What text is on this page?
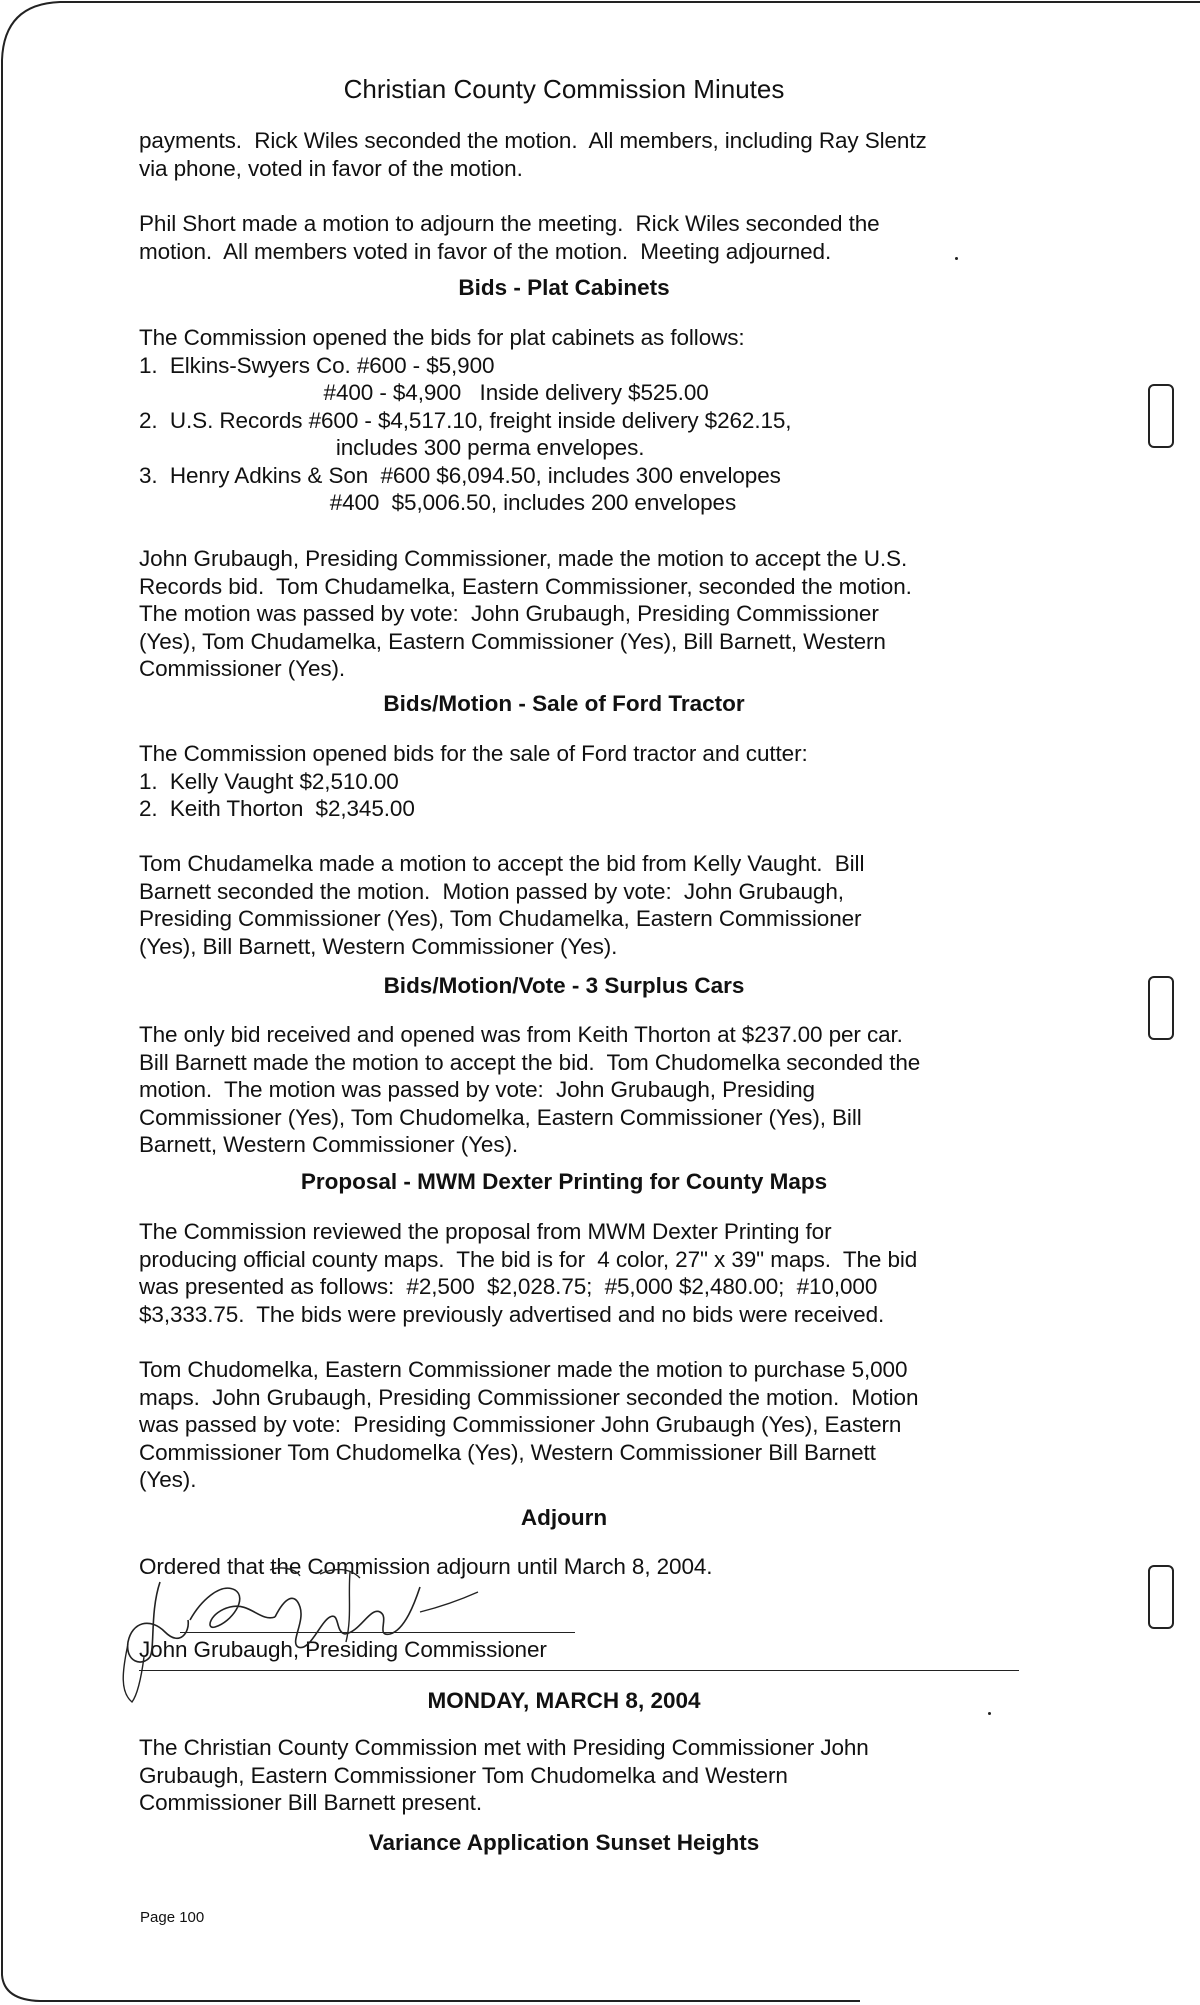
Christian County Commission Minutes
payments.  Rick Wiles seconded the motion.  All members, including Ray Slentz
via phone, voted in favor of the motion.
Phil Short made a motion to adjourn the meeting.  Rick Wiles seconded the
motion.  All members voted in favor of the motion.  Meeting adjourned.
Bids - Plat Cabinets
The Commission opened the bids for plat cabinets as follows:
1.  Elkins-Swyers Co. #600 - $5,900
#400 - $4,900   Inside delivery $525.00
2.  U.S. Records #600 - $4,517.10, freight inside delivery $262.15,
includes 300 perma envelopes.
3.  Henry Adkins & Son  #600 $6,094.50, includes 300 envelopes
#400  $5,006.50, includes 200 envelopes
John Grubaugh, Presiding Commissioner, made the motion to accept the U.S.
Records bid.  Tom Chudamelka, Eastern Commissioner, seconded the motion.
The motion was passed by vote:  John Grubaugh, Presiding Commissioner
(Yes), Tom Chudamelka, Eastern Commissioner (Yes), Bill Barnett, Western
Commissioner (Yes).
Bids/Motion - Sale of Ford Tractor
The Commission opened bids for the sale of Ford tractor and cutter:
1.  Kelly Vaught $2,510.00
2.  Keith Thorton  $2,345.00
Tom Chudamelka made a motion to accept the bid from Kelly Vaught.  Bill
Barnett seconded the motion.  Motion passed by vote:  John Grubaugh,
Presiding Commissioner (Yes), Tom Chudamelka, Eastern Commissioner
(Yes), Bill Barnett, Western Commissioner (Yes).
Bids/Motion/Vote - 3 Surplus Cars
The only bid received and opened was from Keith Thorton at $237.00 per car.
Bill Barnett made the motion to accept the bid.  Tom Chudomelka seconded the
motion.  The motion was passed by vote:  John Grubaugh, Presiding
Commissioner (Yes), Tom Chudomelka, Eastern Commissioner (Yes), Bill
Barnett, Western Commissioner (Yes).
Proposal - MWM Dexter Printing for County Maps
The Commission reviewed the proposal from MWM Dexter Printing for
producing official county maps.  The bid is for  4 color, 27" x 39" maps.  The bid
was presented as follows:  #2,500  $2,028.75;  #5,000 $2,480.00;  #10,000
$3,333.75.  The bids were previously advertised and no bids were received.
Tom Chudomelka, Eastern Commissioner made the motion to purchase 5,000
maps.  John Grubaugh, Presiding Commissioner seconded the motion.  Motion
was passed by vote:  Presiding Commissioner John Grubaugh (Yes), Eastern
Commissioner Tom Chudomelka (Yes), Western Commissioner Bill Barnett
(Yes).
Adjourn
Ordered that the Commission adjourn until March 8, 2004.
John Grubaugh, Presiding Commissioner
MONDAY, MARCH 8, 2004
The Christian County Commission met with Presiding Commissioner John
Grubaugh, Eastern Commissioner Tom Chudomelka and Western
Commissioner Bill Barnett present.
Variance Application Sunset Heights
Page 100
